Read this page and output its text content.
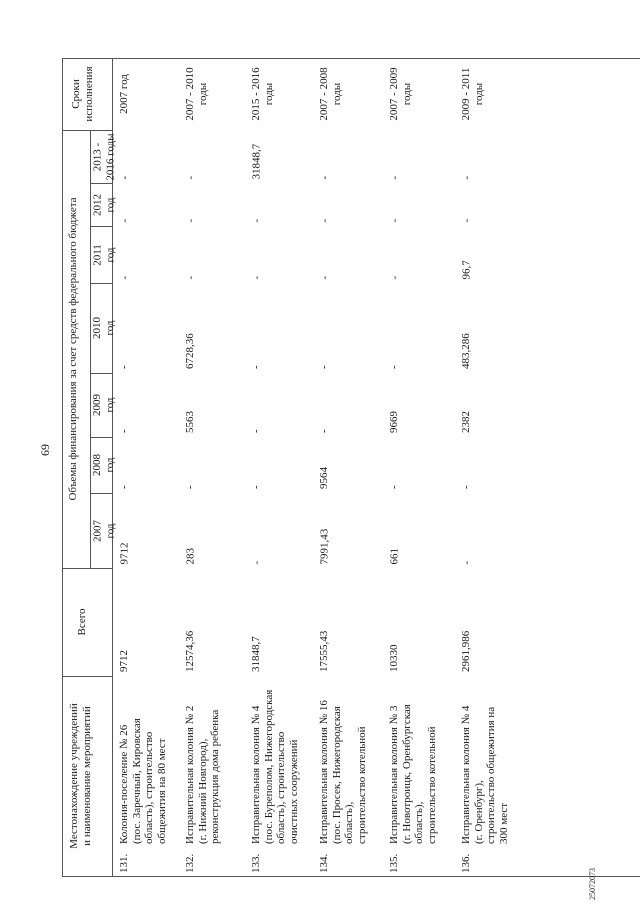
69
Местонахождение учреждений
и наименование мероприятий
Всего
Объемы финансирования за счет средств федерального бюджета
Сроки
исполнения
2007
год
2008
год
2009
год
2010
год
2011
год
2012
год
2013 -
2016 годы
2007 год
-
-
-
-
-
-
9712
9712
131.
Колония-поселение № 26
(пос. Заречный, Кировская
область), строительство
общежития на 80 мест
2007 - 2010
годы
-
-
-
6728,36
5563
-
283
12574,36
132.
Исправительная колония № 2
(г. Нижний Новгород),
реконструкция дома ребенка
2015 - 2016
годы
31848,7
-
-
-
-
-
-
31848,7
133.
Исправительная колония № 4
(пос. Буреполом, Нижегородская
область), строительство
очистных сооружений
2007 - 2008
годы
-
-
-
-
-
9564
7991,43
17555,43
134.
Исправительная колония № 16
(пос. Просек, Нижегородская
область),
строительство котельной
2007 - 2009
годы
-
-
-
-
9669
-
661
10330
135.
Исправительная колония № 3
(г. Новотроицк, Оренбургская
область),
строительство котельной
2009 - 2011
годы
-
-
96,7
483,286
2382
-
-
2961,986
136.
Исправительная колония № 4
(г. Оренбург),
строительство общежития на
300 мест
25072073
